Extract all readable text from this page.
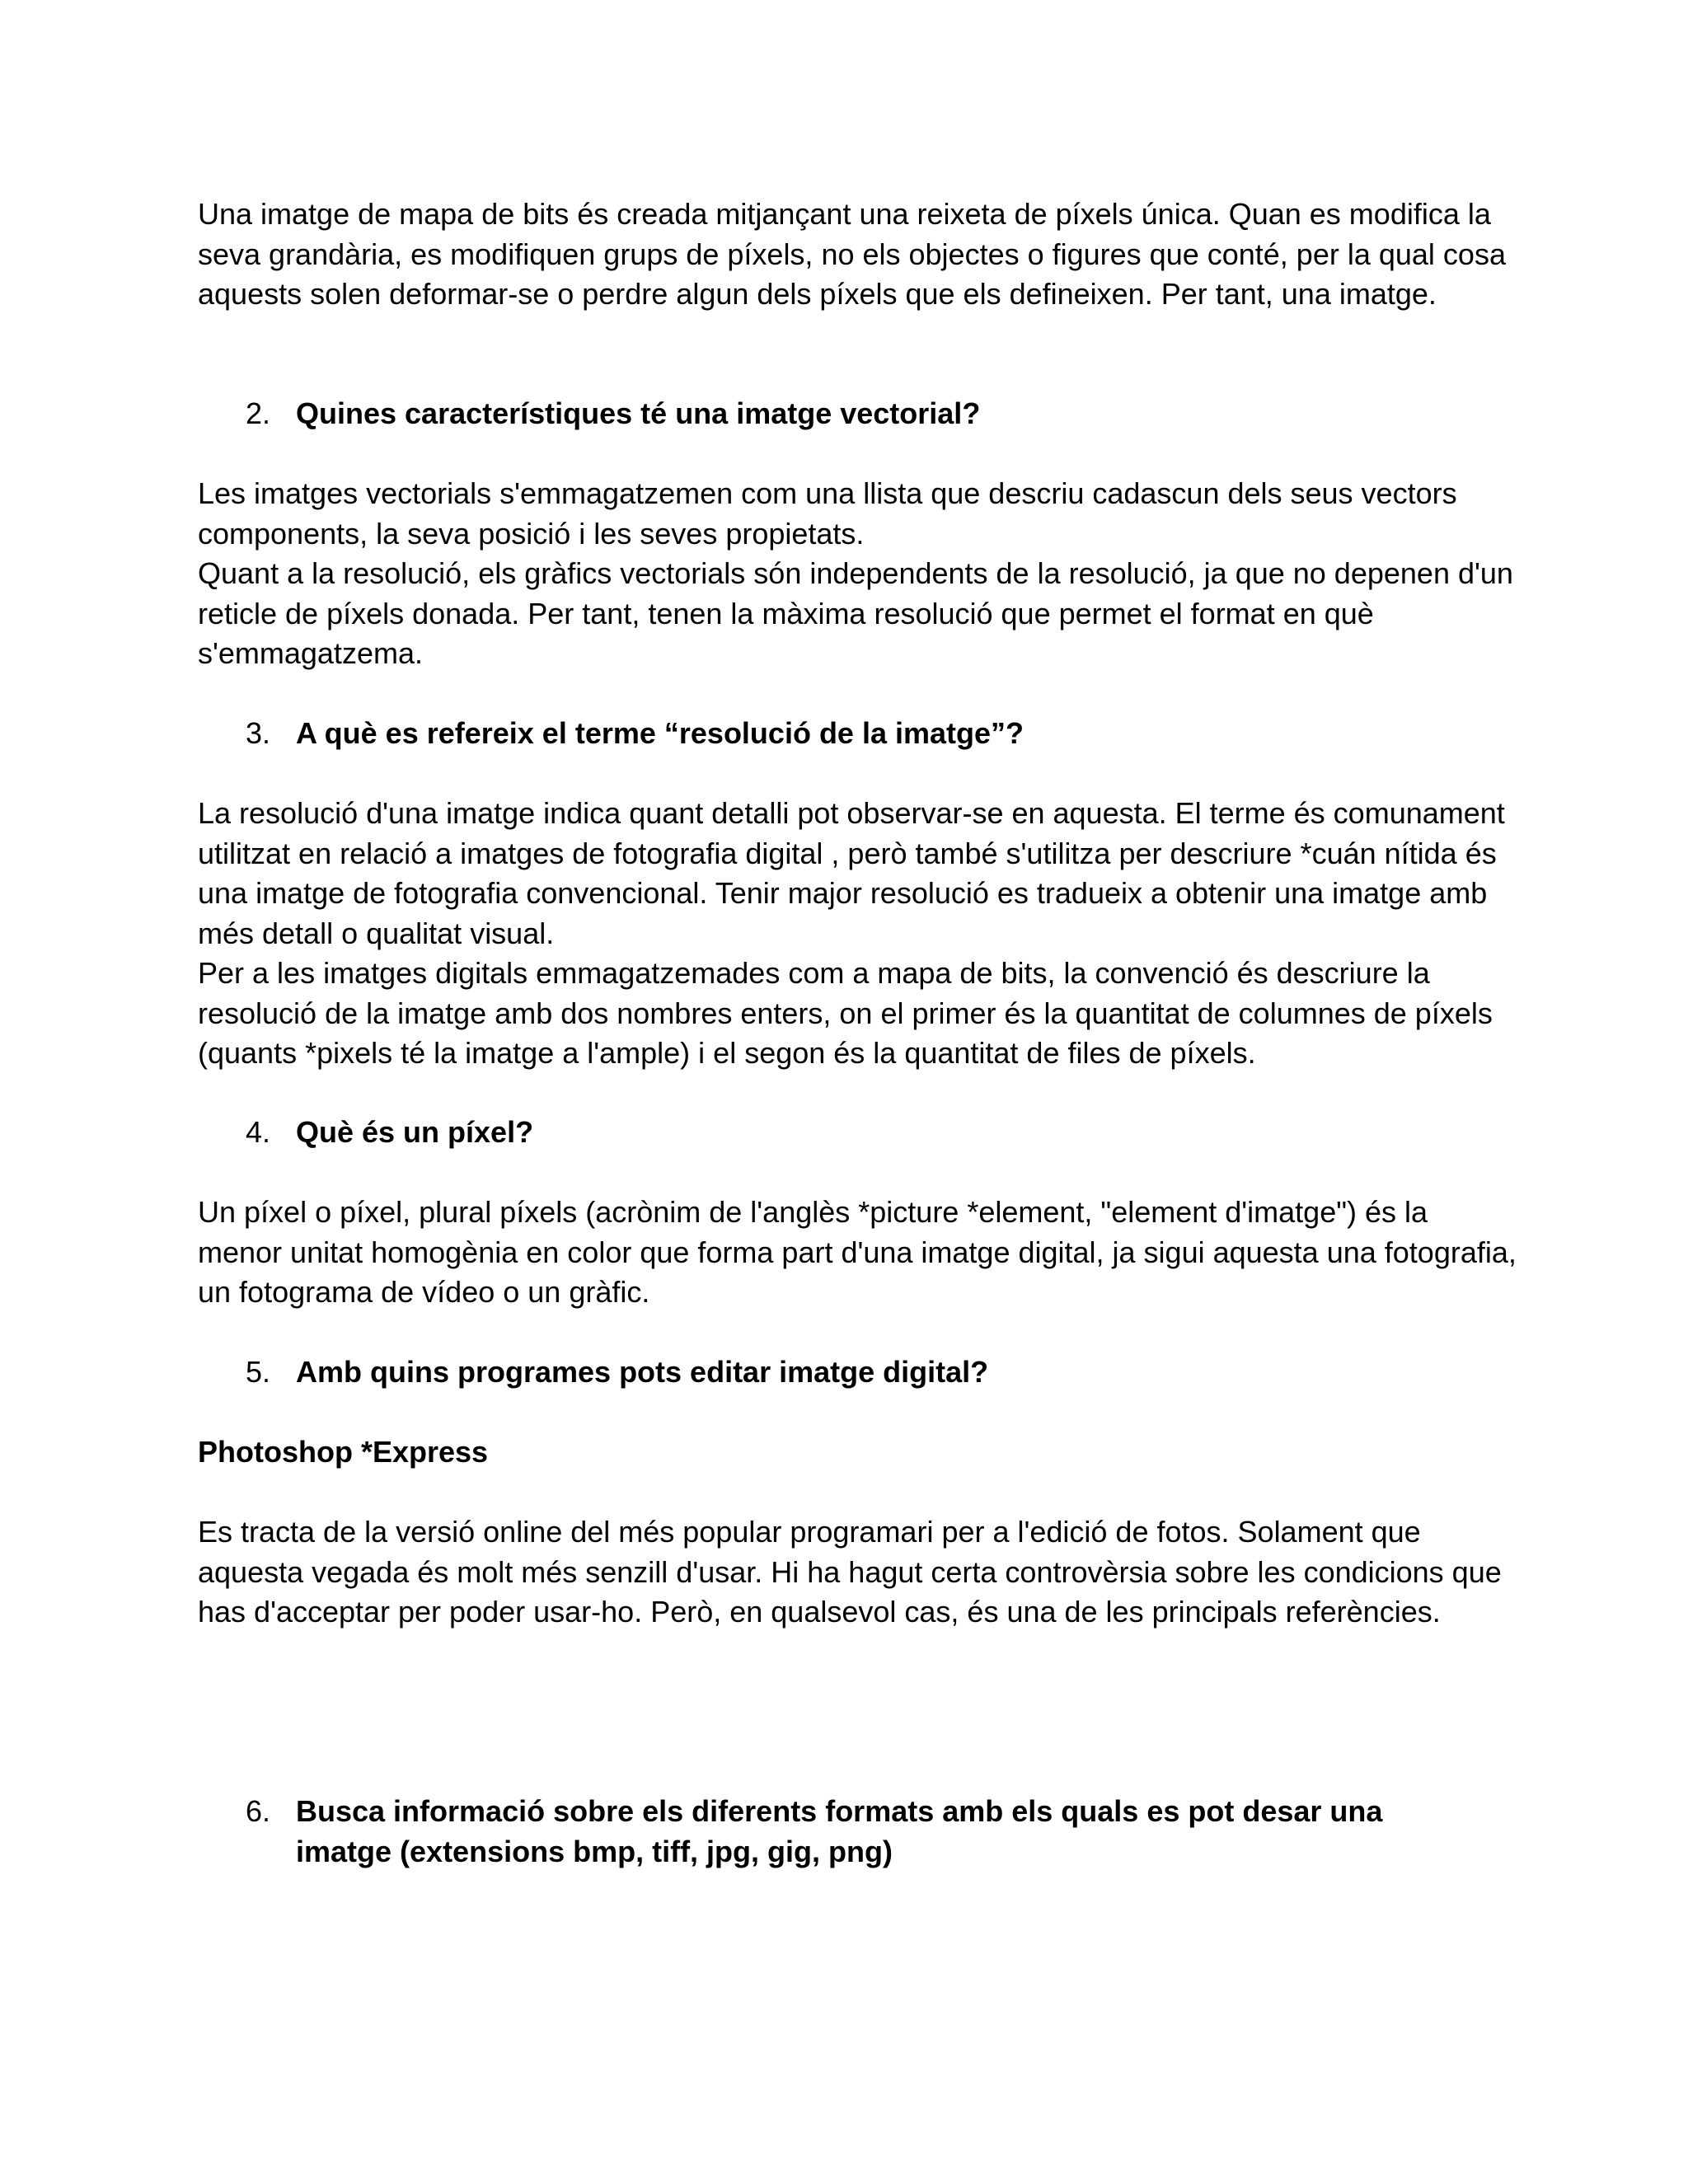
Una imatge de mapa de bits és creada mitjançant una reixeta de píxels única. Quan es modifica la seva grandària, es modifiquen grups de píxels, no els objectes o figures que conté, per la qual cosa aquests solen deformar-se o perdre algun dels píxels que els defineixen. Per tant, una imatge.

2. Quines característiques té una imatge vectorial?

Les imatges vectorials s'emmagatzemen com una llista que descriu cadascun dels seus vectors components, la seva posició i les seves propietats.

Quant a la resolució, els gràfics vectorials són independents de la resolució, ja que no depenen d'un reticle de píxels donada. Per tant, tenen la màxima resolució que permet el format en què s'emmagatzema.

3. A què es refereix el terme “resolució de la imatge”?

La resolució d'una imatge indica quant detalli pot observar-se en aquesta. El terme és comunament utilitzat en relació a imatges de fotografia digital , però també s'utilitza per descriure *cuán nítida és una imatge de fotografia convencional. Tenir major resolució es tradueix a obtenir una imatge amb més detall o qualitat visual.

Per a les imatges digitals emmagatzemades com a mapa de bits, la convenció és descriure la resolució de la imatge amb dos nombres enters, on el primer és la quantitat de columnes de píxels (quants *pixels té la imatge a l'ample) i el segon és la quantitat de files de píxels.

4. Què és un píxel?

Un píxel o píxel, plural píxels (acrònim de l'anglès *picture *element, "element d'imatge") és la menor unitat homogènia en color que forma part d'una imatge digital, ja sigui aquesta una fotografia, un fotograma de vídeo o un gràfic.

5. Amb quins programes pots editar imatge digital?

Photoshop *Express

Es tracta de la versió online del més popular programari per a l'edició de fotos. Solament que aquesta vegada és molt més senzill d'usar. Hi ha hagut certa controvèrsia sobre les condicions que has d'acceptar per poder usar-ho. Però, en qualsevol cas, és una de les principals referències.

6. Busca informació sobre els diferents formats amb els quals es pot desar una imatge (extensions bmp, tiff, jpg, gig, png)
